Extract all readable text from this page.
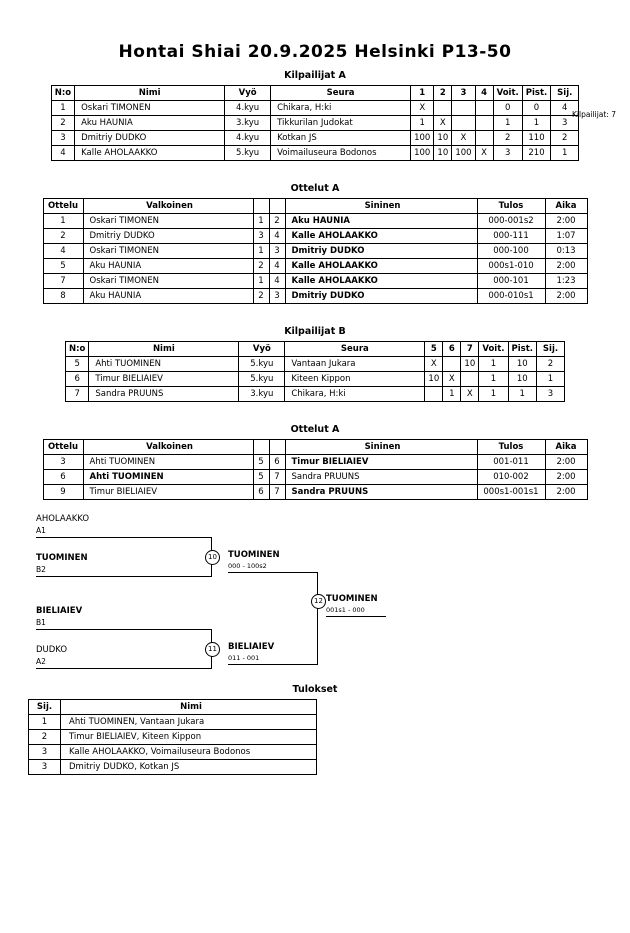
Hontai Shiai 20.9.2025 Helsinki P13-50
Kilpailijat: 7
Kilpailijat A
N:o	Nimi	Vyö	Seura	1	2	3	4	Voit.	Pist.	Sij.
1	Oskari TIMONEN	4.kyu	Chikara, H:ki	X				0	0	4
2	Aku HAUNIA	3.kyu	Tikkurilan Judokat	1	X			1	1	3
3	Dmitriy DUDKO	4.kyu	Kotkan JS	100	10	X		2	110	2
4	Kalle AHOLAAKKO	5.kyu	Voimailuseura Bodonos	100	10	100	X	3	210	1
Ottelut A
Ottelu	Valkoinen			Sininen	Tulos	Aika
1	Oskari TIMONEN	1	2	Aku HAUNIA	000-001s2	2:00
2	Dmitriy DUDKO	3	4	Kalle AHOLAAKKO	000-111	1:07
4	Oskari TIMONEN	1	3	Dmitriy DUDKO	000-100	0:13
5	Aku HAUNIA	2	4	Kalle AHOLAAKKO	000s1-010	2:00
7	Oskari TIMONEN	1	4	Kalle AHOLAAKKO	000-101	1:23
8	Aku HAUNIA	2	3	Dmitriy DUDKO	000-010s1	2:00
Kilpailijat B
N:o	Nimi	Vyö	Seura	5	6	7	Voit.	Pist.	Sij.
5	Ahti TUOMINEN	5.kyu	Vantaan Jukara	X		10	1	10	2
6	Timur BIELIAIEV	5.kyu	Kiteen Kippon	10	X		1	10	1
7	Sandra PRUUNS	3.kyu	Chikara, H:ki		1	X	1	1	3
Ottelut A
Ottelu	Valkoinen			Sininen	Tulos	Aika
3	Ahti TUOMINEN	5	6	Timur BIELIAIEV	001-011	2:00
6	Ahti TUOMINEN	5	7	Sandra PRUUNS	010-002	2:00
9	Timur BIELIAIEV	6	7	Sandra PRUUNS	000s1-001s1	2:00
AHOLAAKKO
A1
TUOMINEN
B2
10	TUOMINEN
000 - 100s2
BIELIAIEV
B1
DUDKO
A2
11	BIELIAIEV
011 - 001
12 TUOMINEN
001s1 - 000
Tulokset
Sij.	Nimi
1	Ahti TUOMINEN, Vantaan Jukara
2	Timur BIELIAIEV, Kiteen Kippon
3	Kalle AHOLAAKKO, Voimailuseura Bodonos
3	Dmitriy DUDKO, Kotkan JS
